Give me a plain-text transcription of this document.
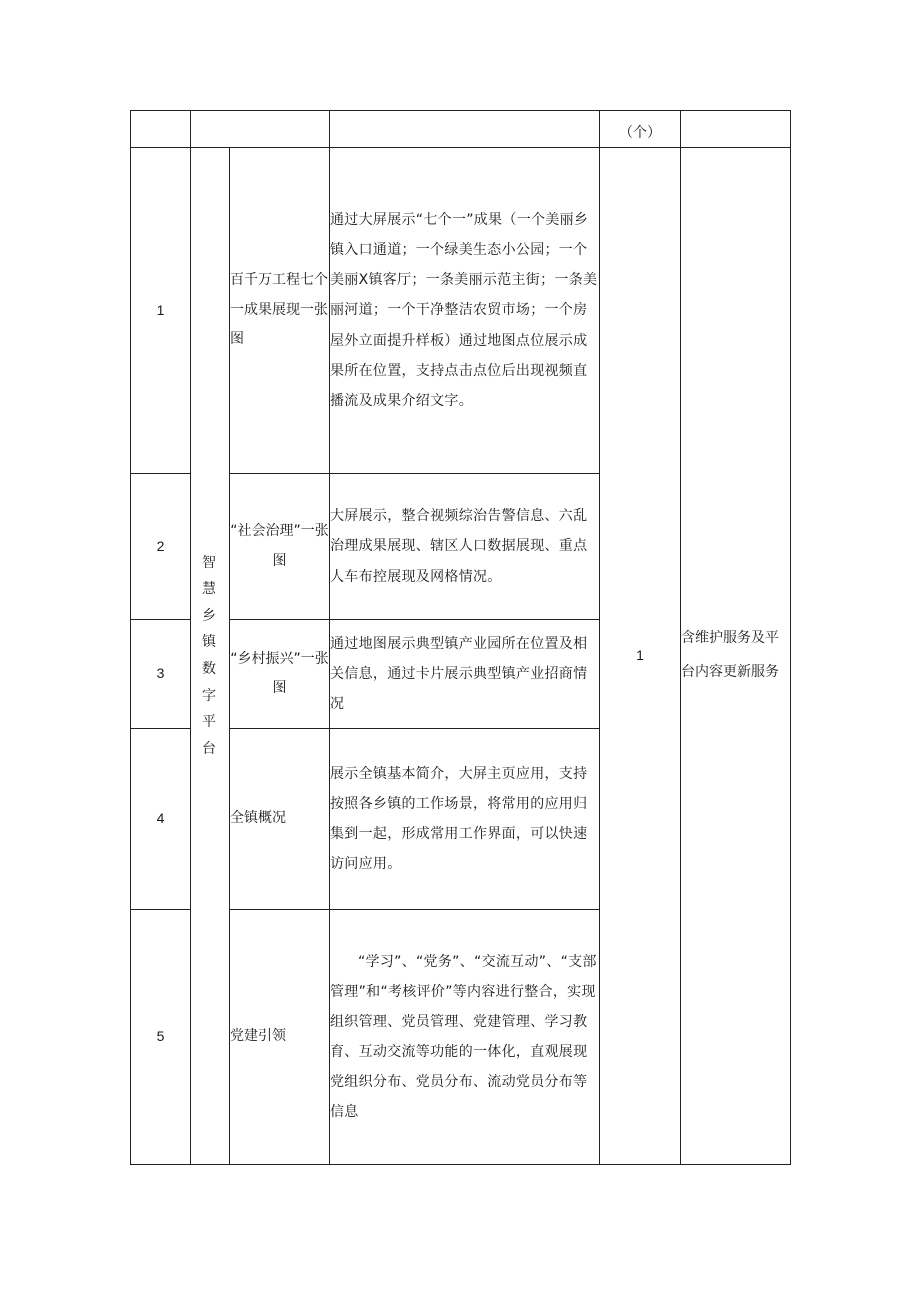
				（个）	
1	智慧乡镇数字平台	百千万工程七个一成果展现一张图	通过大屏展示“七个一”成果（一个美丽乡镇入口通道；一个绿美生态小公园；一个美丽X镇客厅；一条美丽示范主街；一条美丽河道；一个干净整洁农贸市场；一个房屋外立面提升样板）通过地图点位展示成果所在位置，支持点击点位后出现视频直播流及成果介绍文字。	1	含维护服务及平台内容更新服务

2		“社会治理”一张图	大屏展示，整合视频综治告警信息、六乱治理成果展现、辖区人口数据展现、重点人车布控展现及网格情况。		

3		“乡村振兴”一张图	通过地图展示典型镇产业园所在位置及相关信息，通过卡片展示典型镇产业招商情况		

4		全镇概况	展示全镇基本简介，大屏主页应用，支持按照各乡镇的工作场景，将常用的应用归集到一起，形成常用工作界面，可以快速访问应用。		

5		党建引领	“学习”、“党务”、“交流互动”、“支部管理”和“考核评价”等内容进行整合，实现组织管理、党员管理、党建管理、学习教育、互动交流等功能的一体化，直观展现党组织分布、党员分布、流动党员分布等信息		
